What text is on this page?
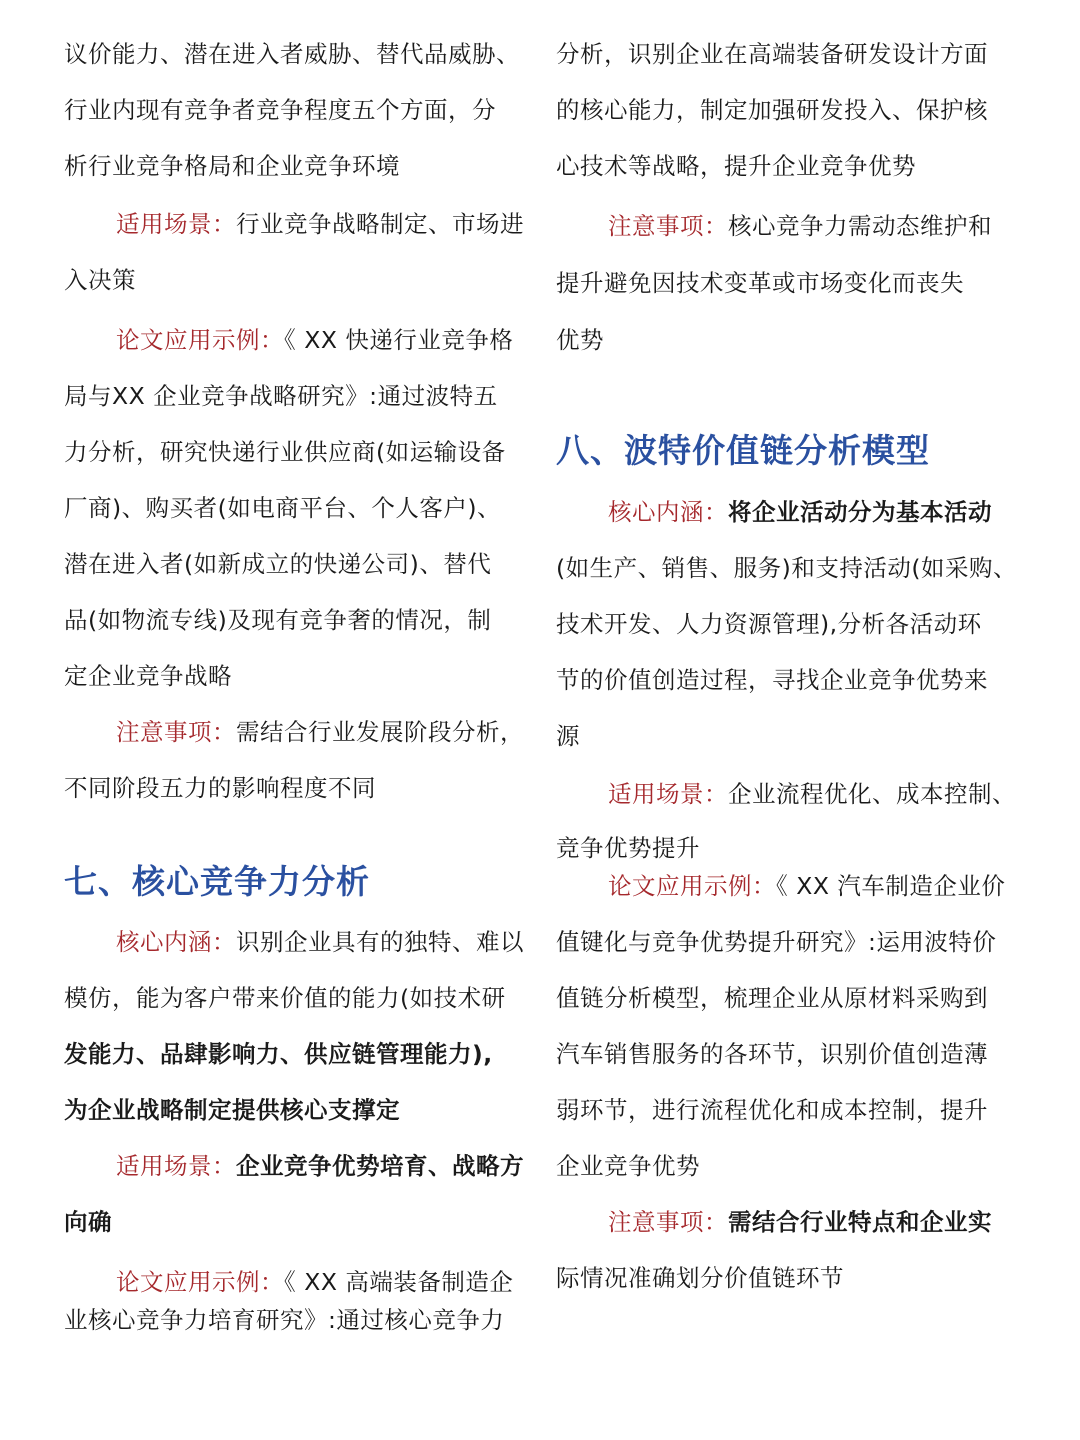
议价能力、潜在进入者威胁、替代品威胁、
行业内现有竞争者竞争程度五个方面，分
析行业竞争格局和企业竞争环境
适用场景：行业竞争战略制定、市场进
入决策
论文应用示例：《 XX 快递行业竞争格
局与XX 企业竞争战略研究》:通过波特五
力分析，研究快递行业供应商(如运输设备
厂商)、购买者(如电商平台、个人客户)、
潜在进入者(如新成立的快递公司)、替代
品(如物流专线)及现有竞争奢的情况，制
定企业竞争战略
注意事项：需结合行业发展阶段分析，
不同阶段五力的影响程度不同
七、核心竞争力分析
核心内涵：识别企业具有的独特、难以
模仿，能为客户带来价值的能力(如技术研
发能力、品肆影响力、供应链管理能力),
为企业战略制定提供核心支撑定
适用场景：企业竞争优势培育、战略方
向确
论文应用示例：《 XX 高端装备制造企
业核心竞争力培育研究》:通过核心竞争力
分析，识别企业在高端装备研发设计方面
的核心能力，制定加强研发投入、保护核
心技术等战略，提升企业竞争优势
注意事项：核心竞争力需动态维护和
提升避免因技术变革或市场变化而丧失
优势
八、波特价值链分析模型
核心内涵：将企业活动分为基本活动
(如生产、销售、服务)和支持活动(如采购、
技术开发、人力资源管理),分析各活动环
节的价值创造过程，寻找企业竞争优势来
源
适用场景：企业流程优化、成本控制、
竞争优势提升
论文应用示例：《 XX 汽车制造企业价
值键化与竞争优势提升研究》:运用波特价
值链分析模型，梳理企业从原材料采购到
汽车销售服务的各环节，识别价值创造薄
弱环节，进行流程优化和成本控制，提升
企业竞争优势
注意事项：需结合行业特点和企业实
际情况准确划分价值链环节
